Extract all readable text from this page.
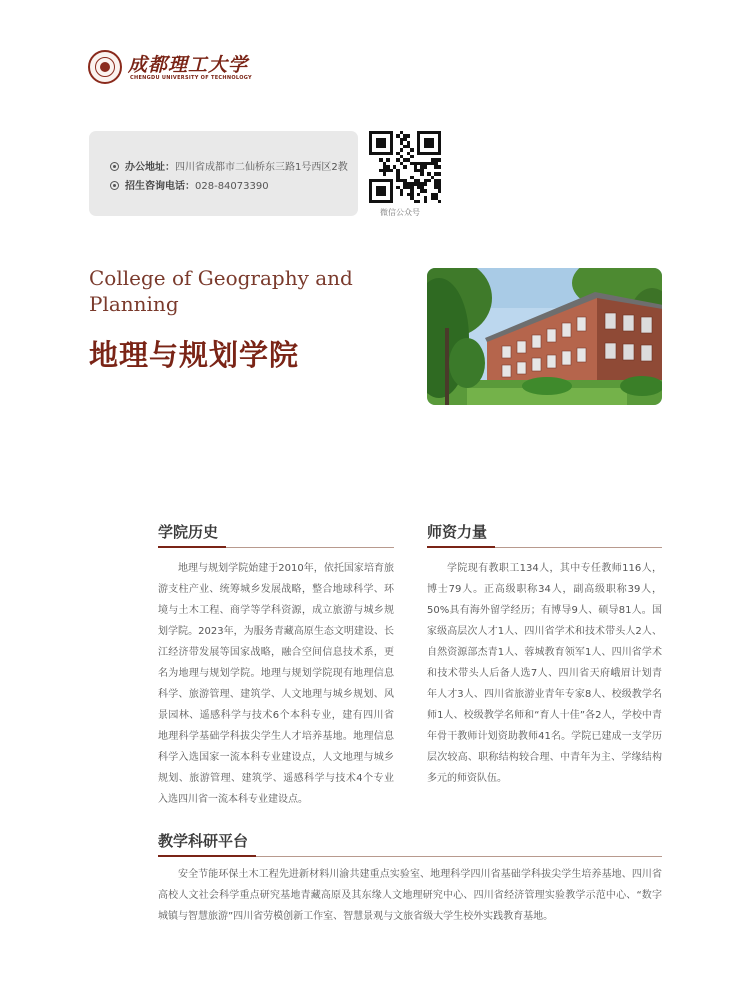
成都理工大学
CHENGDU UNIVERSITY OF TECHNOLOGY
办公地址：四川省成都市二仙桥东三路1号西区2教
招生咨询电话：028-84073390
微信公众号
College of Geography and Planning
地理与规划学院
学院历史
地理与规划学院始建于2010年，依托国家培育旅游支柱产业、统筹城乡发展战略，整合地球科学、环境与土木工程、商学等学科资源，成立旅游与城乡规划学院。2023年，为服务青藏高原生态文明建设、长江经济带发展等国家战略，融合空间信息技术系，更名为地理与规划学院。地理与规划学院现有地理信息科学、旅游管理、建筑学、人文地理与城乡规划、风景园林、遥感科学与技术6个本科专业，建有四川省地理科学基础学科拔尖学生人才培养基地。地理信息科学入选国家一流本科专业建设点，人文地理与城乡规划、旅游管理、建筑学、遥感科学与技术4个专业入选四川省一流本科专业建设点。
师资力量
学院现有教职工134人，其中专任教师116人，博士79人。正高级职称34人，副高级职称39人，50%具有海外留学经历；有博导9人、硕导81人。国家级高层次人才1人、四川省学术和技术带头人2人、自然资源部杰青1人、蓉城教育领军1人、四川省学术和技术带头人后备人选7人、四川省天府峨眉计划青年人才3人、四川省旅游业青年专家8人、校级教学名师1人、校级教学名师和“育人十佳”各2人，学校中青年骨干教师计划资助教师41名。学院已建成一支学历层次较高、职称结构较合理、中青年为主、学缘结构多元的师资队伍。
教学科研平台
安全节能环保土木工程先进新材料川渝共建重点实验室、地理科学四川省基础学科拔尖学生培养基地、四川省高校人文社会科学重点研究基地青藏高原及其东缘人文地理研究中心、四川省经济管理实验教学示范中心、“数字城镇与智慧旅游”四川省劳模创新工作室、智慧景观与文旅省级大学生校外实践教育基地。
